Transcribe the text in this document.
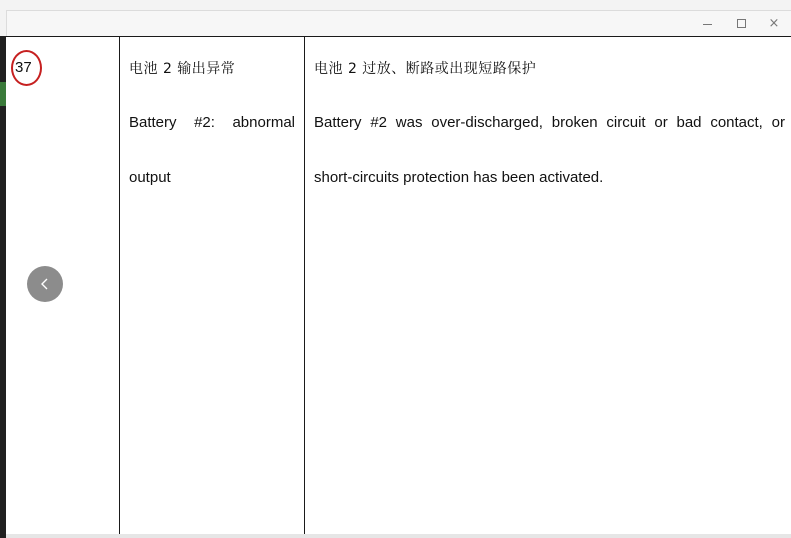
×
37	电池 2 输出异常
Battery #2: abnormal
output
电池 2 过放、断路或出现短路保护
Battery #2 was over-discharged, broken circuit or bad contact, or
short-circuits protection has been activated.
